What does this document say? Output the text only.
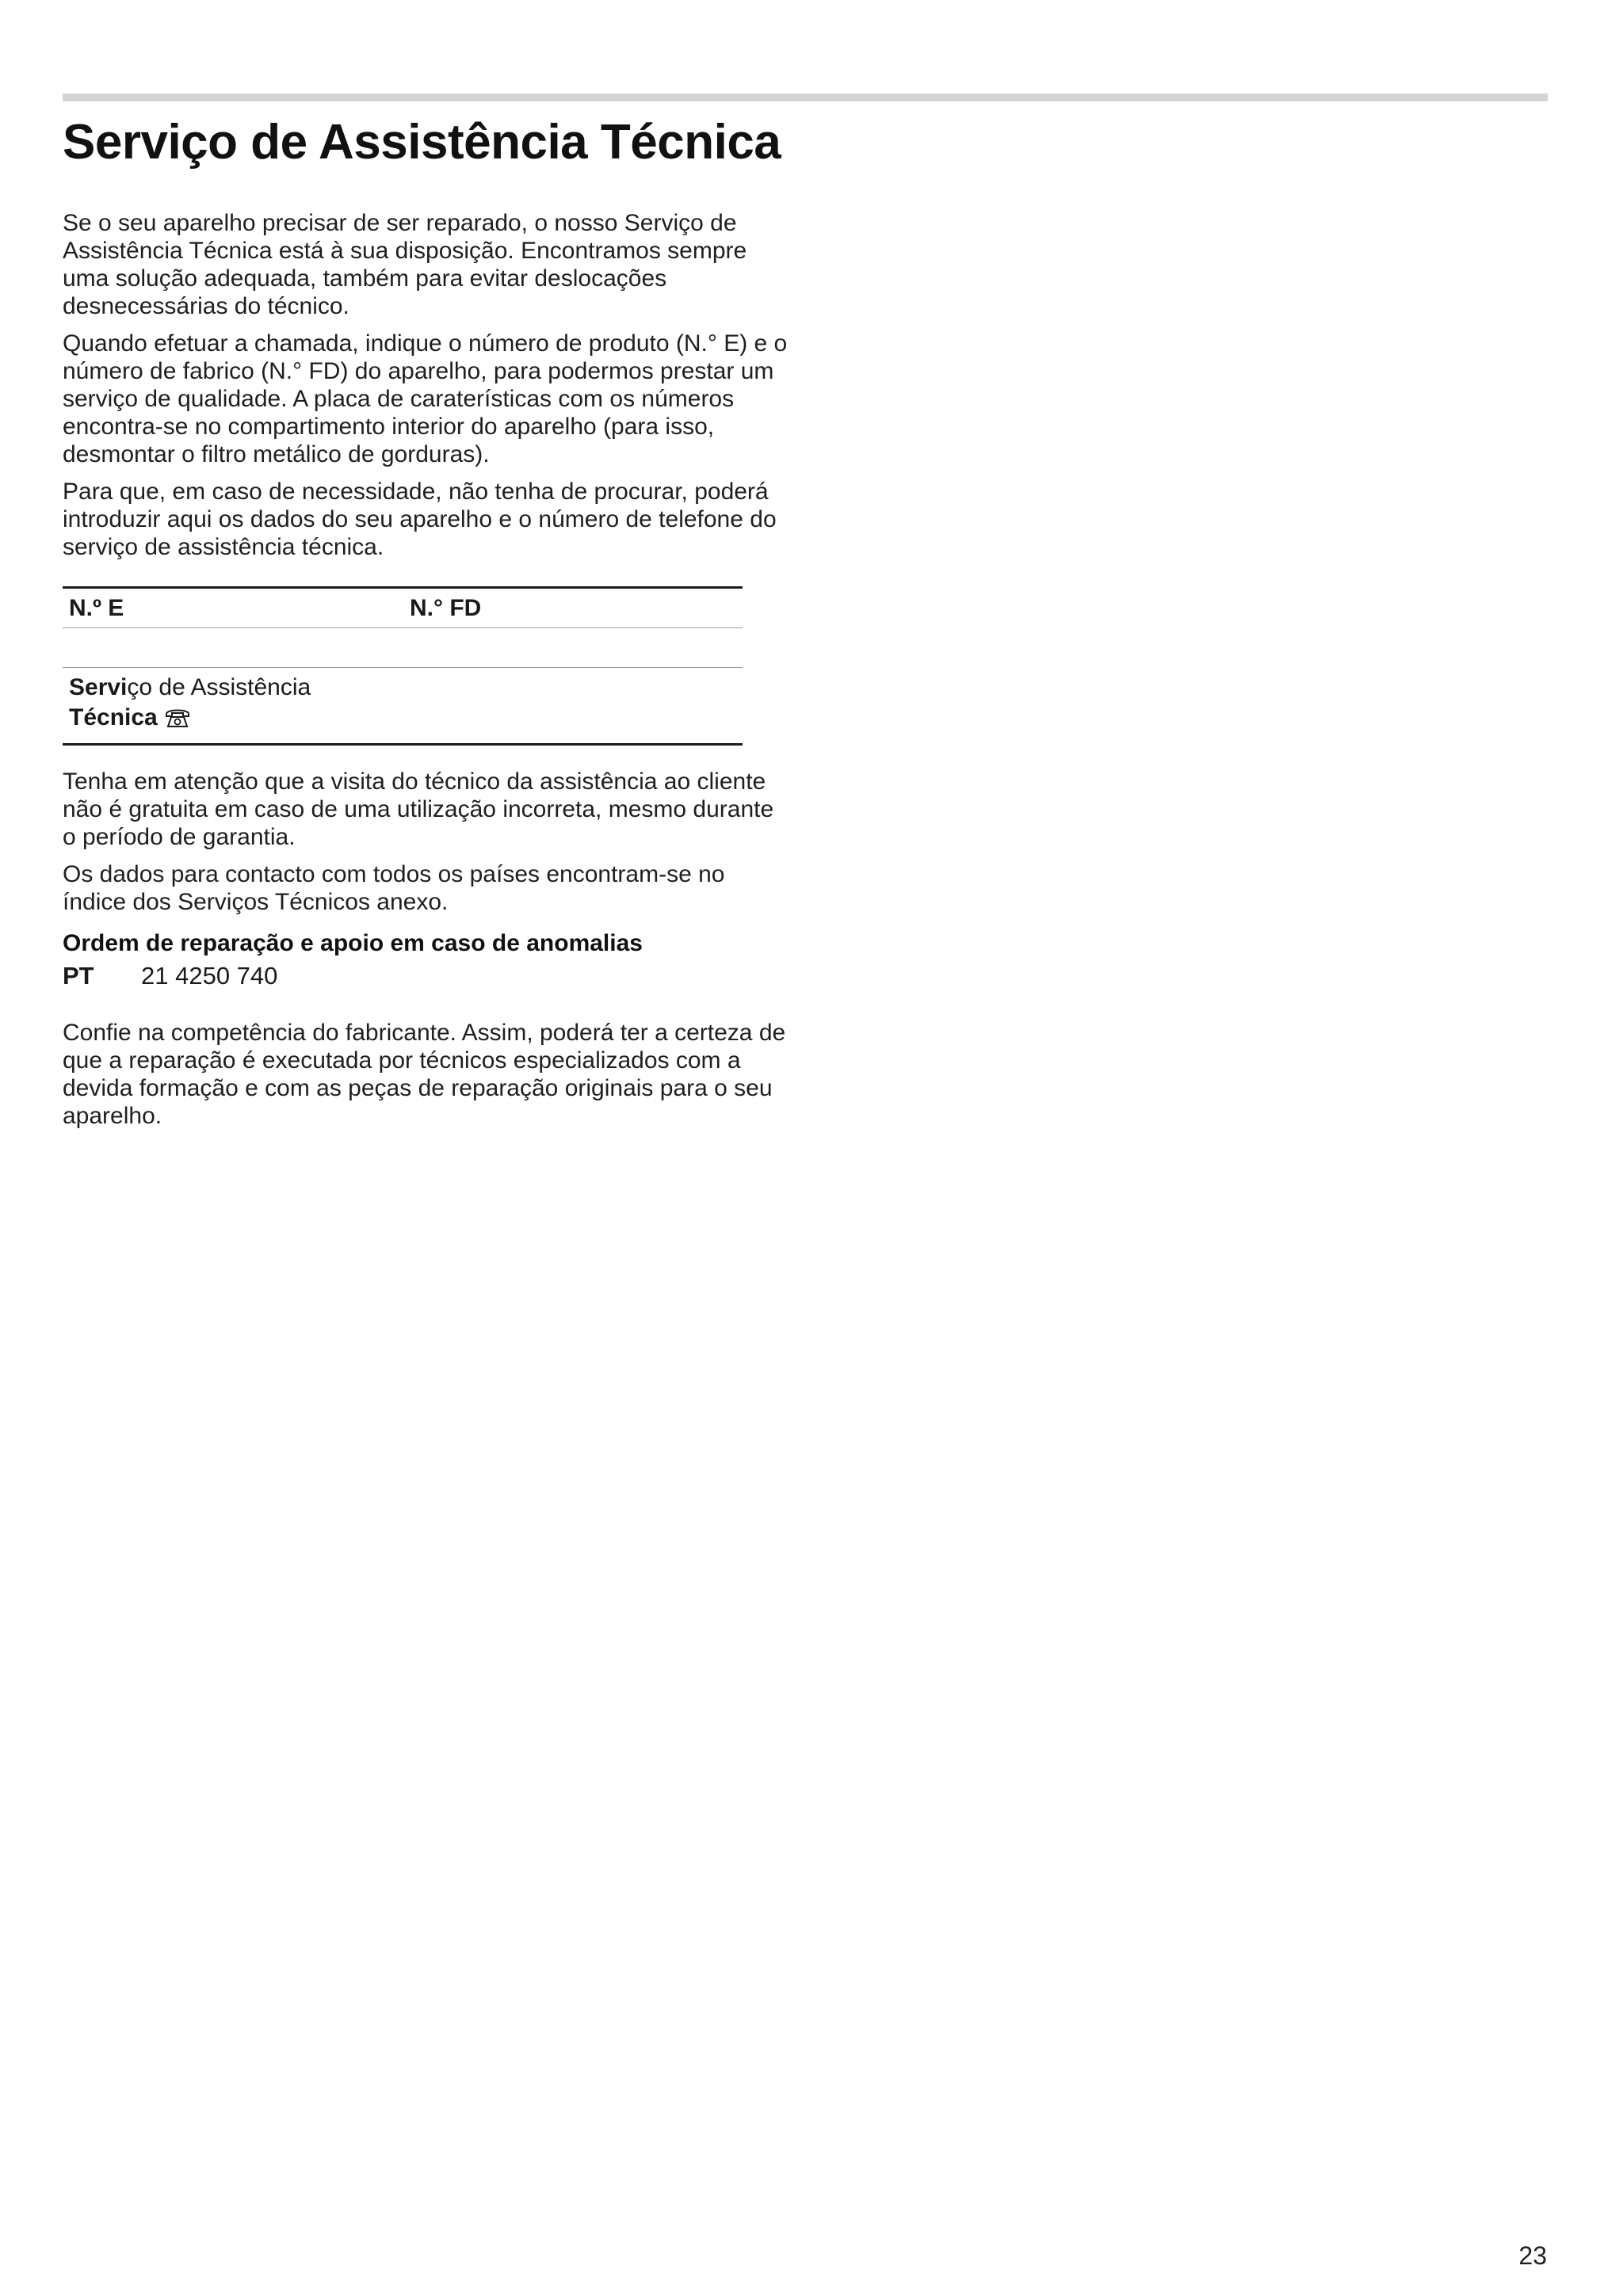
Serviço de Assistência Técnica

Se o seu aparelho precisar de ser reparado, o nosso Serviço de Assistência Técnica está à sua disposição. Encontramos sempre uma solução adequada, também para evitar deslocações desnecessárias do técnico.

Quando efetuar a chamada, indique o número de produto (N.° E) e o número de fabrico (N.° FD) do aparelho, para podermos prestar um serviço de qualidade. A placa de caraterísticas com os números encontra-se no compartimento interior do aparelho (para isso, desmontar o filtro metálico de gorduras).

Para que, em caso de necessidade, não tenha de procurar, poderá introduzir aqui os dados do seu aparelho e o número de telefone do serviço de assistência técnica.

N.º E	N.° FD
Serviço de Assistência
Técnica

Tenha em atenção que a visita do técnico da assistência ao cliente não é gratuita em caso de uma utilização incorreta, mesmo durante o período de garantia.

Os dados para contacto com todos os países encontram-se no índice dos Serviços Técnicos anexo.

Ordem de reparação e apoio em caso de anomalias
PT	21 4250 740

Confie na competência do fabricante. Assim, poderá ter a certeza de que a reparação é executada por técnicos especializados com a devida formação e com as peças de reparação originais para o seu aparelho.

23
